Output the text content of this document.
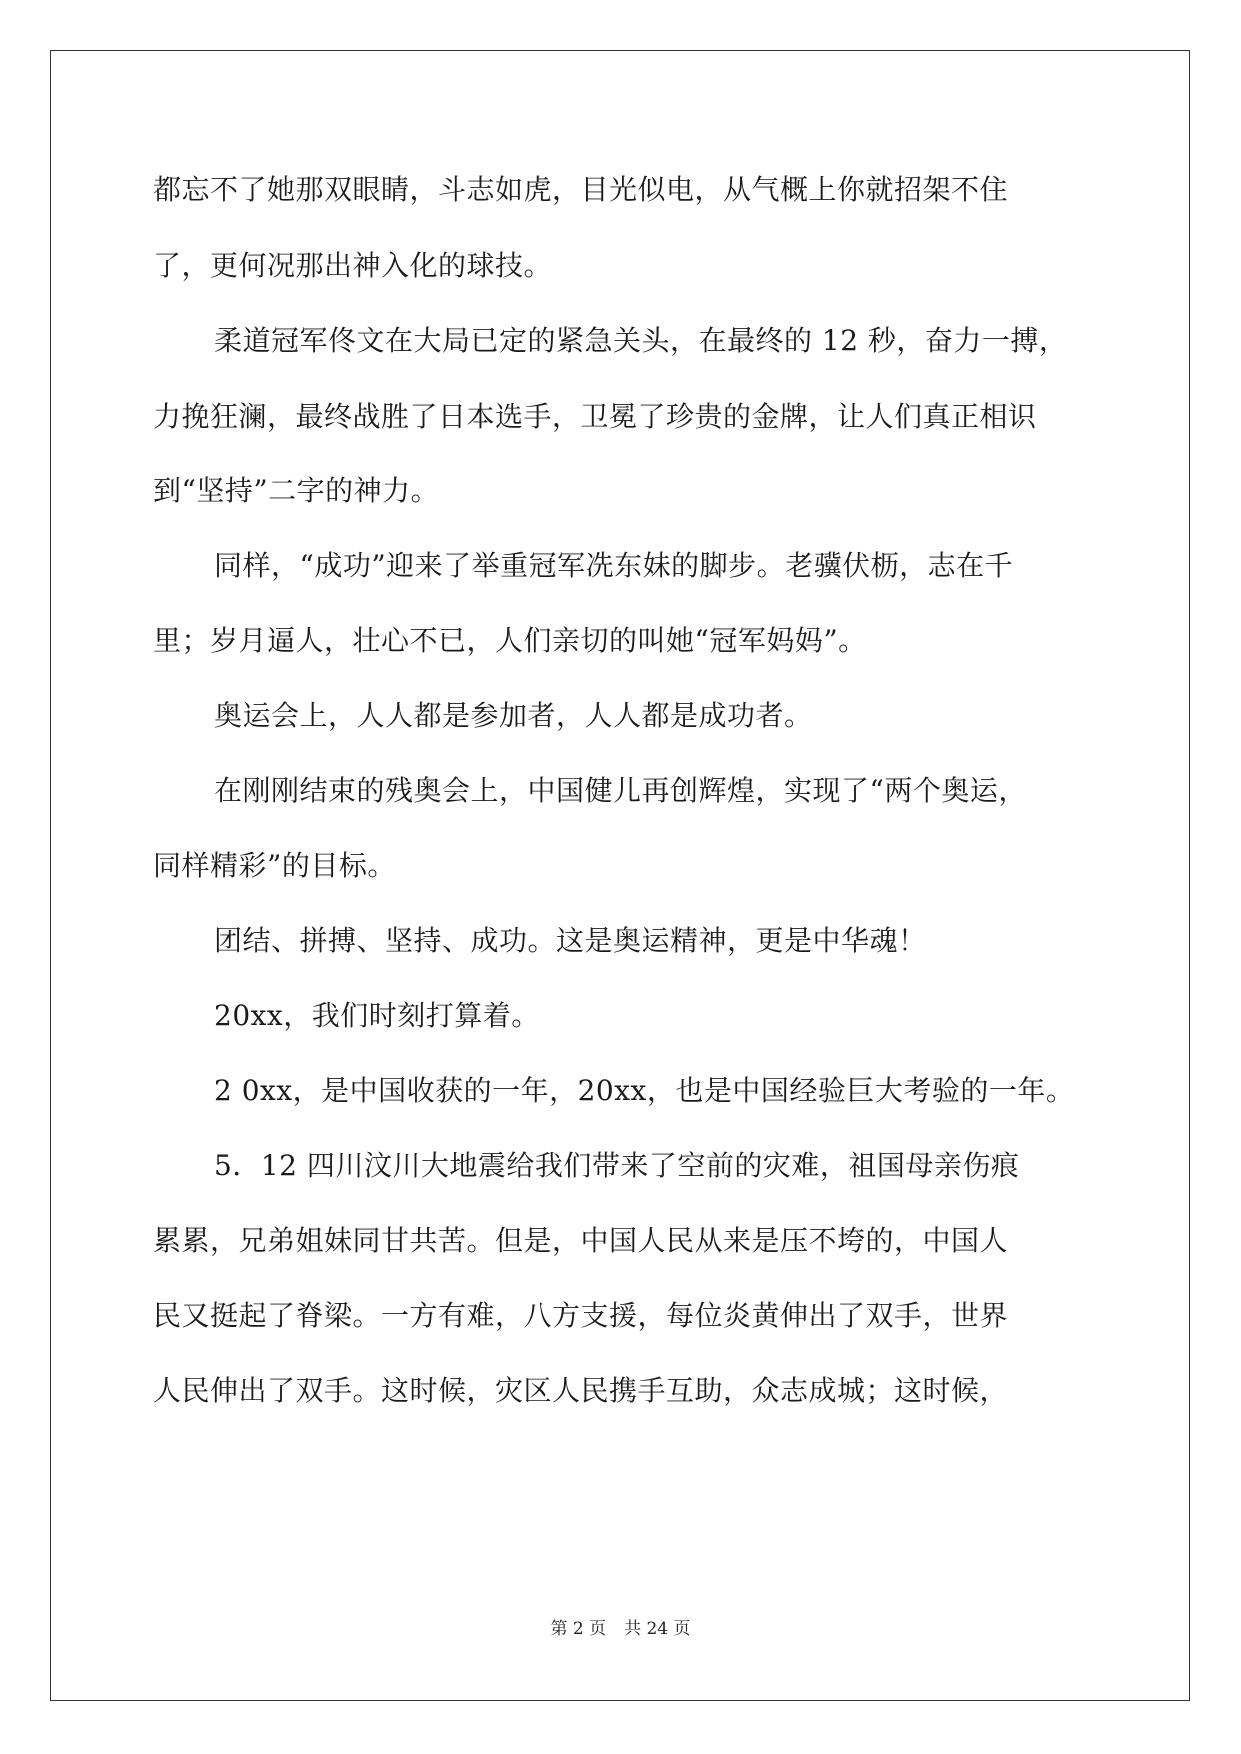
都忘不了她那双眼睛，斗志如虎，目光似电，从气概上你就招架不住
了，更何况那出神入化的球技。
柔道冠军佟文在大局已定的紧急关头，在最终的 12 秒，奋力一搏，
力挽狂澜，最终战胜了日本选手，卫冕了珍贵的金牌，让人们真正相识
到“坚持”二字的神力。
同样，“成功”迎来了举重冠军冼东妹的脚步。老骥伏枥，志在千
里；岁月逼人，壮心不已，人们亲切的叫她“冠军妈妈”。
奥运会上，人人都是参加者，人人都是成功者。
在刚刚结束的残奥会上，中国健儿再创辉煌，实现了“两个奥运，
同样精彩”的目标。
团结、拼搏、坚持、成功。这是奥运精神，更是中华魂！
20xx，我们时刻打算着。
2 0xx，是中国收获的一年，20xx，也是中国经验巨大考验的一年。
5．12 四川汶川大地震给我们带来了空前的灾难，祖国母亲伤痕
累累，兄弟姐妹同甘共苦。但是，中国人民从来是压不垮的，中国人
民又挺起了脊梁。一方有难，八方支援，每位炎黄伸出了双手，世界
人民伸出了双手。这时候，灾区人民携手互助，众志成城；这时候，
第 2 页 共 24 页
